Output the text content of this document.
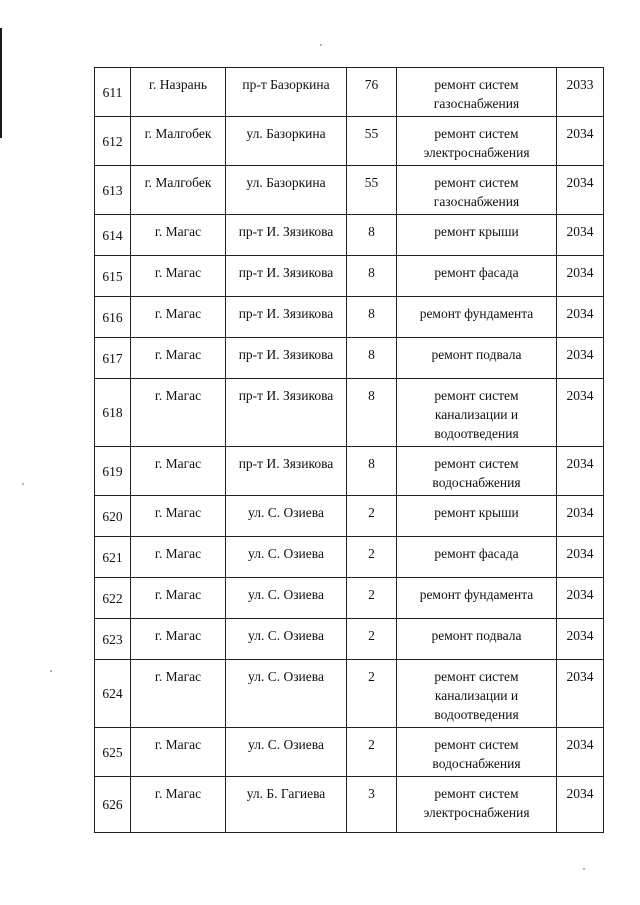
611	г. Назрань	пр-т Базоркина	76	ремонт систем газоснабжения	2033
612	г. Малгобек	ул. Базоркина	55	ремонт систем электроснабжения	2034
613	г. Малгобек	ул. Базоркина	55	ремонт систем газоснабжения	2034
614	г. Магас	пр-т И. Зязикова	8	ремонт крыши	2034
615	г. Магас	пр-т И. Зязикова	8	ремонт фасада	2034
616	г. Магас	пр-т И. Зязикова	8	ремонт фундамента	2034
617	г. Магас	пр-т И. Зязикова	8	ремонт подвала	2034
618	г. Магас	пр-т И. Зязикова	8	ремонт систем канализации и водоотведения	2034
619	г. Магас	пр-т И. Зязикова	8	ремонт систем водоснабжения	2034
620	г. Магас	ул. С. Озиева	2	ремонт крыши	2034
621	г. Магас	ул. С. Озиева	2	ремонт фасада	2034
622	г. Магас	ул. С. Озиева	2	ремонт фундамента	2034
623	г. Магас	ул. С. Озиева	2	ремонт подвала	2034
624	г. Магас	ул. С. Озиева	2	ремонт систем канализации и водоотведения	2034
625	г. Магас	ул. С. Озиева	2	ремонт систем водоснабжения	2034
626	г. Магас	ул. Б. Гагиева	3	ремонт систем электроснабжения	2034
